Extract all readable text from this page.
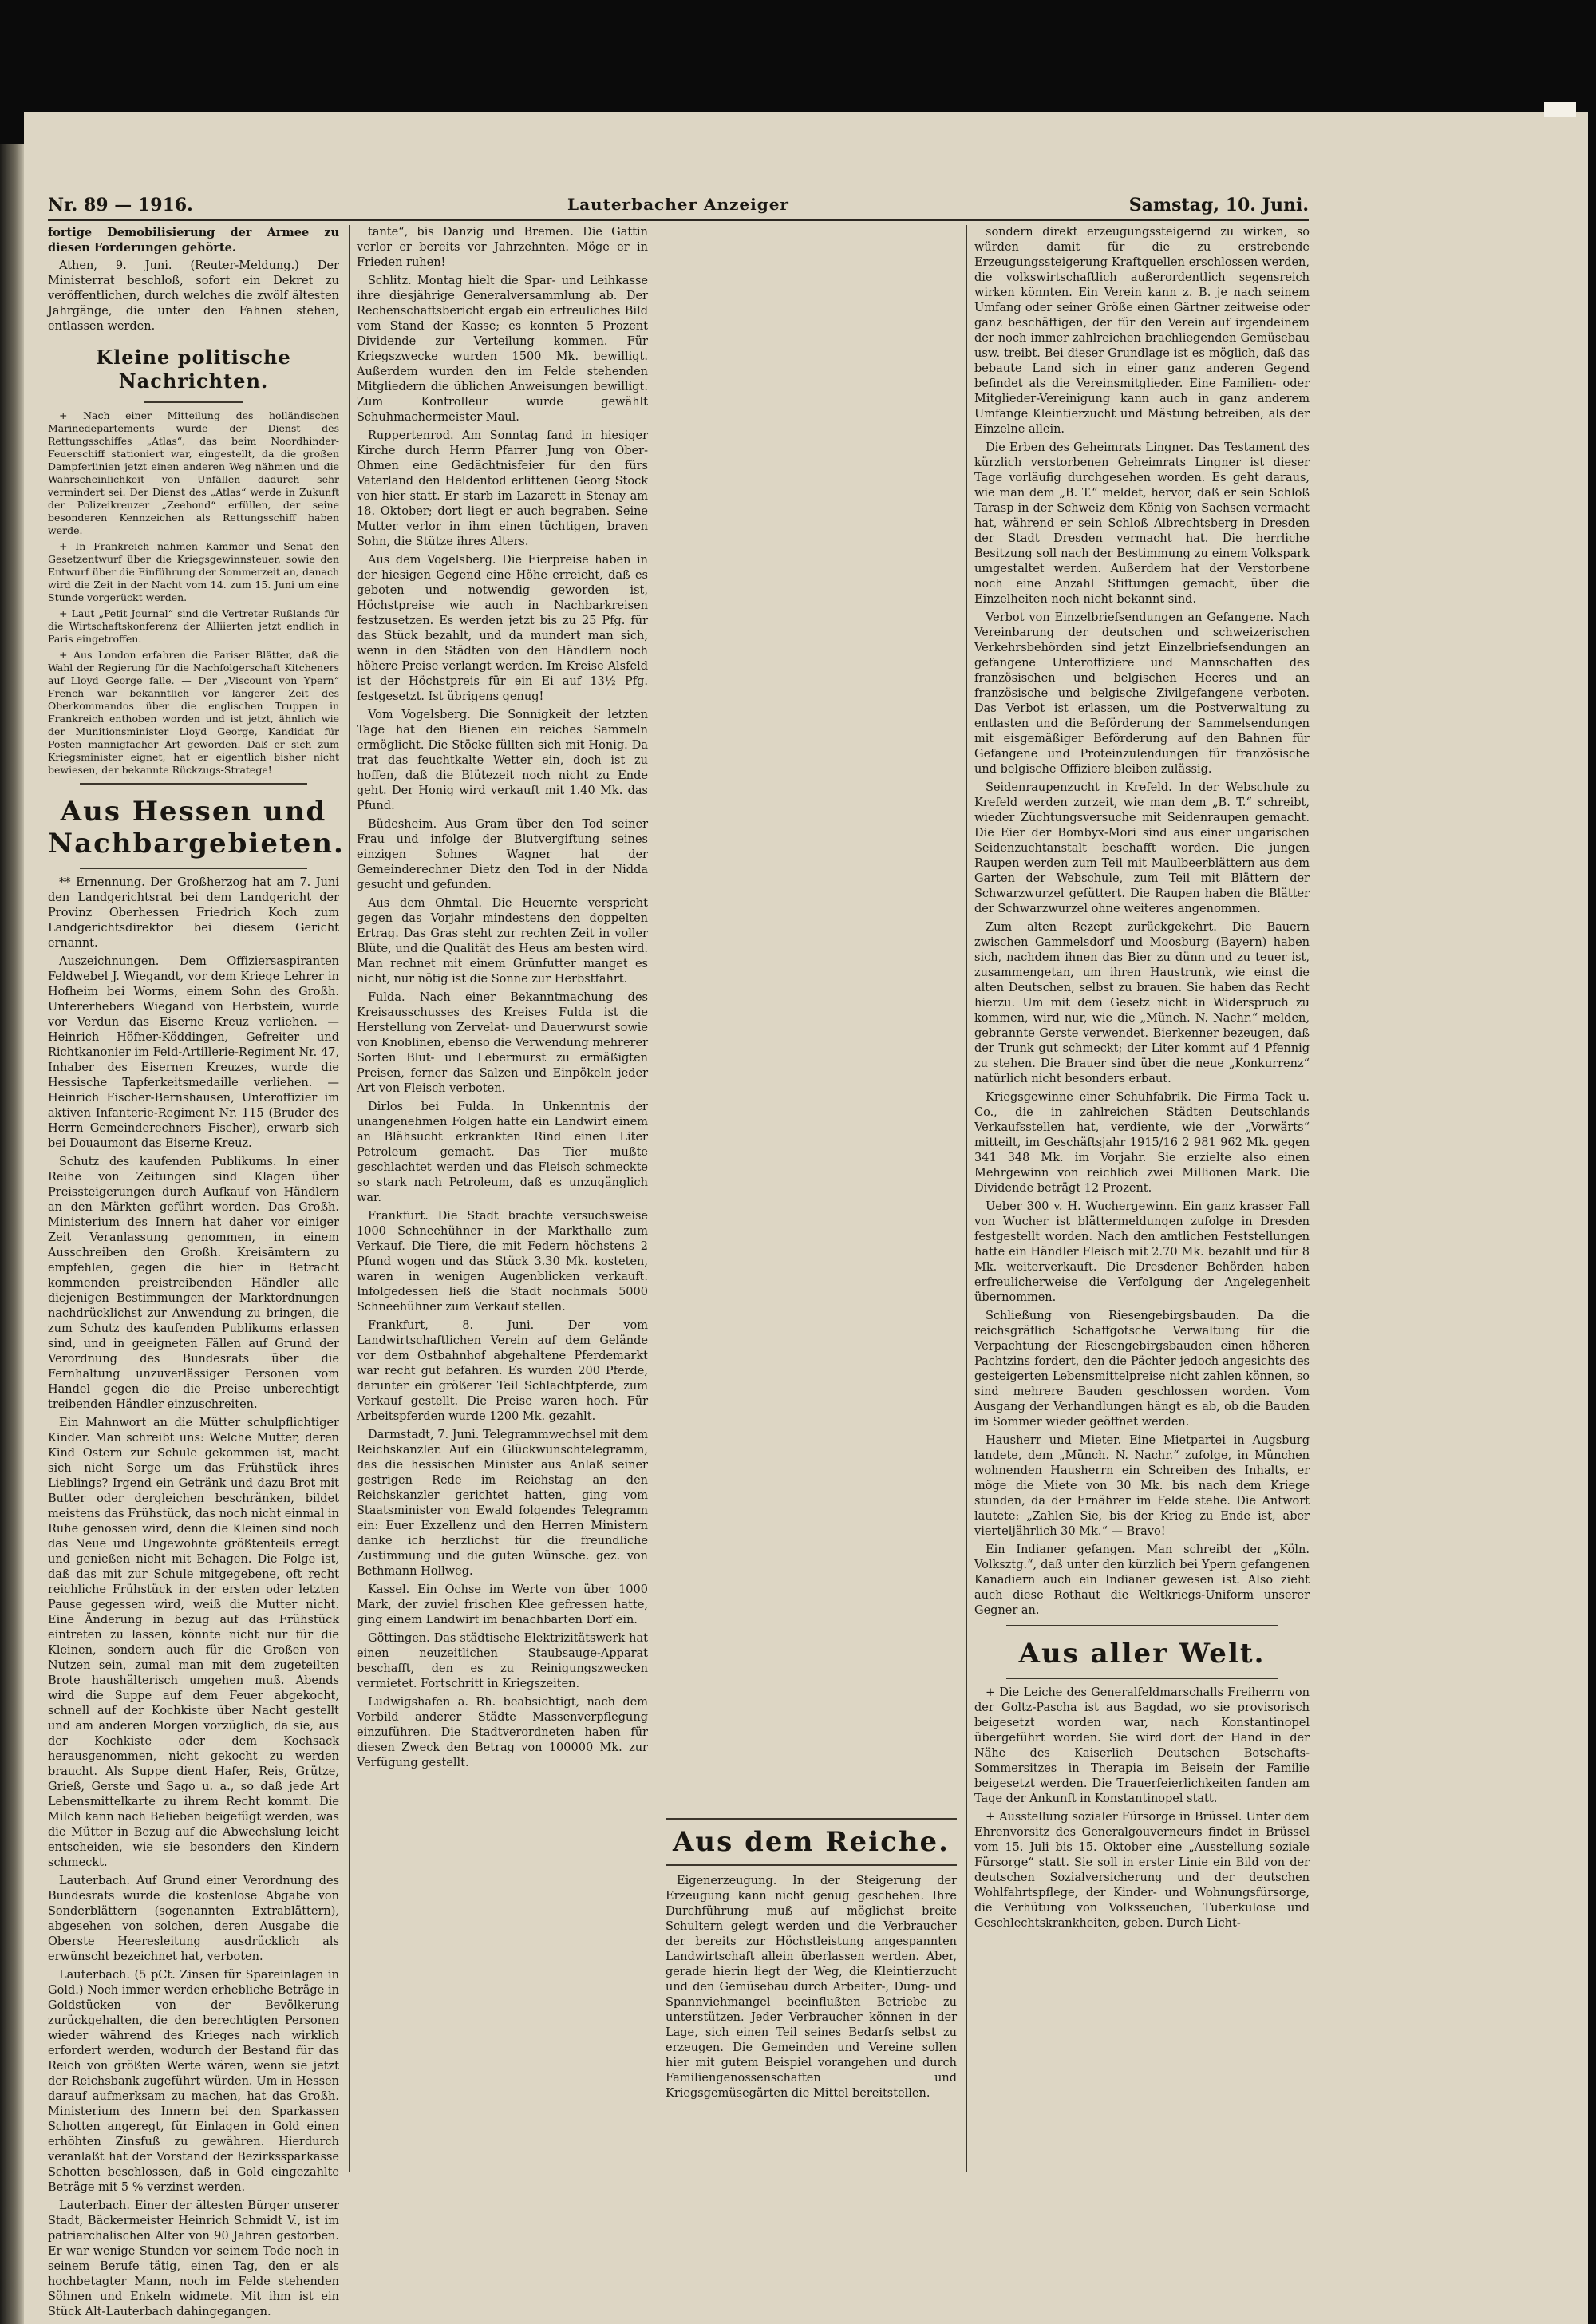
Nr. 89 — 1916.	Lauterbacher Anzeiger	Samstag, 10. Juni.

fortige Demobilisierung der Armee zu diesen Forderungen gehörte.

Athen, 9. Juni. (Reuter-Meldung.) Der Ministerrat beschloß, sofort ein Dekret zu veröffentlichen, durch welches die zwölf ältesten Jahrgänge, die unter den Fahnen stehen, entlassen werden.

Kleine politische Nachrichten.

+ Nach einer Mitteilung des holländischen Marinedepartements wurde der Dienst des Rettungsschiffes „Atlas“, das beim Noordhinder-Feuerschiff stationiert war, eingestellt, da die großen Dampferlinien jetzt einen anderen Weg nähmen und die Wahrscheinlichkeit von Unfällen dadurch sehr vermindert sei. Der Dienst des „Atlas“ werde in Zukunft der Polizeikreuzer „Zeehond“ erfüllen, der seine besonderen Kennzeichen als Rettungsschiff haben werde.

+ In Frankreich nahmen Kammer und Senat den Gesetzentwurf über die Kriegsgewinnsteuer, sowie den Entwurf über die Einführung der Sommerzeit an, danach wird die Zeit in der Nacht vom 14. zum 15. Juni um eine Stunde vorgerückt werden.

+ Laut „Petit Journal“ sind die Vertreter Rußlands für die Wirtschaftskonferenz der Alliierten jetzt endlich in Paris eingetroffen.

+ Aus London erfahren die Pariser Blätter, daß die Wahl der Regierung für die Nachfolgerschaft Kitcheners auf Lloyd George falle. — Der „Viscount von Ypern“ French war bekanntlich vor längerer Zeit des Oberkommandos über die englischen Truppen in Frankreich enthoben worden und ist jetzt, ähnlich wie der Munitionsminister Lloyd George, Kandidat für Posten mannigfacher Art geworden. Daß er sich zum Kriegsminister eignet, hat er eigentlich bisher nicht bewiesen, der bekannte Rückzugs-Stratege!

Aus Hessen und Nachbargebieten.

** Ernennung. Der Großherzog hat am 7. Juni den Landgerichtsrat bei dem Landgericht der Provinz Oberhessen Friedrich Koch zum Landgerichtsdirektor bei diesem Gericht ernannt.

Auszeichnungen. Dem Offiziersaspiranten Feldwebel J. Wiegandt, vor dem Kriege Lehrer in Hofheim bei Worms, einem Sohn des Großh. Untererhebers Wiegand von Herbstein, wurde vor Verdun das Eiserne Kreuz verliehen. — Heinrich Höfner-Köddingen, Gefreiter und Richtkanonier im Feld-Artillerie-Regiment Nr. 47, Inhaber des Eisernen Kreuzes, wurde die Hessische Tapferkeitsmedaille verliehen. — Heinrich Fischer-Bernshausen, Unteroffizier im aktiven Infanterie-Regiment Nr. 115 (Bruder des Herrn Gemeinderechners Fischer), erwarb sich bei Douaumont das Eiserne Kreuz.

Schutz des kaufenden Publikums. In einer Reihe von Zeitungen sind Klagen über Preissteigerungen durch Aufkauf von Händlern an den Märkten geführt worden. Das Großh. Ministerium des Innern hat daher vor einiger Zeit Veranlassung genommen, in einem Ausschreiben den Großh. Kreisämtern zu empfehlen, gegen die hier in Betracht kommenden preistreibenden Händler alle diejenigen Bestimmungen der Marktordnungen nachdrücklichst zur Anwendung zu bringen, die zum Schutz des kaufenden Publikums erlassen sind, und in geeigneten Fällen auf Grund der Verordnung des Bundesrats über die Fernhaltung unzuverlässiger Personen vom Handel gegen die die Preise unberechtigt treibenden Händler einzuschreiten.

Ein Mahnwort an die Mütter schulpflichtiger Kinder. Man schreibt uns: Welche Mutter, deren Kind Ostern zur Schule gekommen ist, macht sich nicht Sorge um das Frühstück ihres Lieblings? Irgend ein Getränk und dazu Brot mit Butter oder dergleichen beschränken, bildet meistens das Frühstück, das noch nicht einmal in Ruhe genossen wird, denn die Kleinen sind noch das Neue und Ungewohnte größtenteils erregt und genießen nicht mit Behagen. Die Folge ist, daß das mit zur Schule mitgegebene, oft recht reichliche Frühstück in der ersten oder letzten Pause gegessen wird, weiß die Mutter nicht. Eine Änderung in bezug auf das Frühstück eintreten zu lassen, könnte nicht nur für die Kleinen, sondern auch für die Großen von Nutzen sein, zumal man mit dem zugeteilten Brote haushälterisch umgehen muß. Abends wird die Suppe auf dem Feuer abgekocht, schnell auf der Kochkiste über Nacht gestellt und am anderen Morgen vorzüglich, da sie, aus der Kochkiste oder dem Kochsack herausgenommen, nicht gekocht zu werden braucht. Als Suppe dient Hafer, Reis, Grütze, Grieß, Gerste und Sago u. a., so daß jede Art Lebensmittelkarte zu ihrem Recht kommt. Die Milch kann nach Belieben beigefügt werden, was die Mütter in Bezug auf die Abwechslung leicht entscheiden, wie sie besonders den Kindern schmeckt.

Lauterbach. Auf Grund einer Verordnung des Bundesrats wurde die kostenlose Abgabe von Sonderblättern (sogenannten Extrablättern), abgesehen von solchen, deren Ausgabe die Oberste Heeresleitung ausdrücklich als erwünscht bezeichnet hat, verboten.

Lauterbach. (5 pCt. Zinsen für Spareinlagen in Gold.) Noch immer werden erhebliche Beträge in Goldstücken von der Bevölkerung zurückgehalten, die den berechtigten Personen wieder während des Krieges nach wirklich erfordert werden, wodurch der Bestand für das Reich von größten Werte wären, wenn sie jetzt der Reichsbank zugeführt würden. Um in Hessen darauf aufmerksam zu machen, hat das Großh. Ministerium des Innern bei den Sparkassen Schotten angeregt, für Einlagen in Gold einen erhöhten Zinsfuß zu gewähren. Hierdurch veranlaßt hat der Vorstand der Bezirkssparkasse Schotten beschlossen, daß in Gold eingezahlte Beträge mit 5 % verzinst werden.

Lauterbach. Einer der ältesten Bürger unserer Stadt, Bäckermeister Heinrich Schmidt V., ist im patriarchalischen Alter von 90 Jahren gestorben. Er war wenige Stunden vor seinem Tode noch in seinem Berufe tätig, einen Tag, den er als hochbetagter Mann, noch im Felde stehenden Söhnen und Enkeln widmete. Mit ihm ist ein Stück Alt-Lauterbach dahingegangen.

tante“, bis Danzig und Bremen. Die Gattin verlor er bereits vor Jahrzehnten. Möge er in Frieden ruhen!

Schlitz. Montag hielt die Spar- und Leihkasse ihre diesjährige Generalversammlung ab. Der Rechenschaftsbericht ergab ein erfreuliches Bild vom Stand der Kasse; es konnten 5 Prozent Dividende zur Verteilung kommen. Für Kriegszwecke wurden 1500 Mk. bewilligt. Außerdem wurden den im Felde stehenden Mitgliedern die üblichen Anweisungen bewilligt. Zum Kontrolleur wurde gewählt Schuhmachermeister Maul.

Ruppertenrod. Am Sonntag fand in hiesiger Kirche durch Herrn Pfarrer Jung von Ober-Ohmen eine Gedächtnisfeier für den fürs Vaterland den Heldentod erlittenen Georg Stock von hier statt. Er starb im Lazarett in Stenay am 18. Oktober; dort liegt er auch begraben. Seine Mutter verlor in ihm einen tüchtigen, braven Sohn, die Stütze ihres Alters.

Aus dem Vogelsberg. Die Eierpreise haben in der hiesigen Gegend eine Höhe erreicht, daß es geboten und notwendig geworden ist, Höchstpreise wie auch in Nachbarkreisen festzusetzen. Es werden jetzt bis zu 25 Pfg. für das Stück bezahlt, und da mundert man sich, wenn in den Städten von den Händlern noch höhere Preise verlangt werden. Im Kreise Alsfeld ist der Höchstpreis für ein Ei auf 13½ Pfg. festgesetzt. Ist übrigens genug!

Vom Vogelsberg. Die Sonnigkeit der letzten Tage hat den Bienen ein reiches Sammeln ermöglicht. Die Stöcke füllten sich mit Honig. Da trat das feuchtkalte Wetter ein, doch ist zu hoffen, daß die Blütezeit noch nicht zu Ende geht. Der Honig wird verkauft mit 1.40 Mk. das Pfund.

Büdesheim. Aus Gram über den Tod seiner Frau und infolge der Blutvergiftung seines einzigen Sohnes Wagner hat der Gemeinderechner Dietz den Tod in der Nidda gesucht und gefunden.

Aus dem Ohmtal. Die Heuernte verspricht gegen das Vorjahr mindestens den doppelten Ertrag. Das Gras steht zur rechten Zeit in voller Blüte, und die Qualität des Heus am besten wird. Man rechnet mit einem Grünfutter manget es nicht, nur nötig ist die Sonne zur Herbstfahrt.

Fulda. Nach einer Bekanntmachung des Kreisausschusses des Kreises Fulda ist die Herstellung von Zervelat- und Dauerwurst sowie von Knoblinen, ebenso die Verwendung mehrerer Sorten Blut- und Lebermurst zu ermäßigten Preisen, ferner das Salzen und Einpökeln jeder Art von Fleisch verboten.

Dirlos bei Fulda. In Unkenntnis der unangenehmen Folgen hatte ein Landwirt einem an Blähsucht erkrankten Rind einen Liter Petroleum gemacht. Das Tier mußte geschlachtet werden und das Fleisch schmeckte so stark nach Petroleum, daß es unzugänglich war.

Frankfurt. Die Stadt brachte versuchsweise 1000 Schneehühner in der Markthalle zum Verkauf. Die Tiere, die mit Federn höchstens 2 Pfund wogen und das Stück 3.30 Mk. kosteten, waren in wenigen Augenblicken verkauft. Infolgedessen ließ die Stadt nochmals 5000 Schneehühner zum Verkauf stellen.

Frankfurt, 8. Juni. Der vom Landwirtschaftlichen Verein auf dem Gelände vor dem Ostbahnhof abgehaltene Pferdemarkt war recht gut befahren. Es wurden 200 Pferde, darunter ein größerer Teil Schlachtpferde, zum Verkauf gestellt. Die Preise waren hoch. Für Arbeitspferden wurde 1200 Mk. gezahlt.

Darmstadt, 7. Juni. Telegrammwechsel mit dem Reichskanzler. Auf ein Glückwunschtelegramm, das die hessischen Minister aus Anlaß seiner gestrigen Rede im Reichstag an den Reichskanzler gerichtet hatten, ging vom Staatsminister von Ewald folgendes Telegramm ein: Euer Exzellenz und den Herren Ministern danke ich herzlichst für die freundliche Zustimmung und die guten Wünsche. gez. von Bethmann Hollweg.

Kassel. Ein Ochse im Werte von über 1000 Mark, der zuviel frischen Klee gefressen hatte, ging einem Landwirt im benachbarten Dorf ein.

Göttingen. Das städtische Elektrizitätswerk hat einen neuzeitlichen Staubsauge-Apparat beschafft, den es zu Reinigungszwecken vermietet. Fortschritt in Kriegszeiten.

Ludwigshafen a. Rh. beabsichtigt, nach dem Vorbild anderer Städte Massenverpflegung einzuführen. Die Stadtverordneten haben für diesen Zweck den Betrag von 100000 Mk. zur Verfügung gestellt.

Aus dem Reiche.

Eigenerzeugung. In der Steigerung der Erzeugung kann nicht genug geschehen. Ihre Durchführung muß auf möglichst breite Schultern gelegt werden und die Verbraucher der bereits zur Höchstleistung angespannten Landwirtschaft allein überlassen werden. Aber, gerade hierin liegt der Weg, die Kleintierzucht und den Gemüsebau durch Arbeiter-, Dung- und Spannviehmangel beeinflußten Betriebe zu unterstützen. Jeder Verbraucher können in der Lage, sich einen Teil seines Bedarfs selbst zu erzeugen. Die Gemeinden und Vereine sollen hier mit gutem Beispiel vorangehen und durch Familiengenossenschaften und Kriegsgemüsegärten die Mittel bereitstellen.

sondern direkt erzeugungssteigernd zu wirken, so würden damit für die zu erstrebende Erzeugungssteigerung Kraftquellen erschlossen werden, die volkswirtschaftlich außerordentlich segensreich wirken könnten. Ein Verein kann z. B. je nach seinem Umfang oder seiner Größe einen Gärtner zeitweise oder ganz beschäftigen, der für den Verein auf irgendeinem der noch immer zahlreichen brachliegenden Gemüsebau usw. treibt. Bei dieser Grundlage ist es möglich, daß das bebaute Land sich in einer ganz anderen Gegend befindet als die Vereinsmitglieder. Eine Familien- oder Mitglieder-Vereinigung kann auch in ganz anderem Umfange Kleintierzucht und Mästung betreiben, als der Einzelne allein.

Die Erben des Geheimrats Lingner. Das Testament des kürzlich verstorbenen Geheimrats Lingner ist dieser Tage vorläufig durchgesehen worden. Es geht daraus, wie man dem „B. T.“ meldet, hervor, daß er sein Schloß Tarasp in der Schweiz dem König von Sachsen vermacht hat, während er sein Schloß Albrechtsberg in Dresden der Stadt Dresden vermacht hat. Die herrliche Besitzung soll nach der Bestimmung zu einem Volkspark umgestaltet werden. Außerdem hat der Verstorbene noch eine Anzahl Stiftungen gemacht, über die Einzelheiten noch nicht bekannt sind.

Verbot von Einzelbriefsendungen an Gefangene. Nach Vereinbarung der deutschen und schweizerischen Verkehrsbehörden sind jetzt Einzelbriefsendungen an gefangene Unteroffiziere und Mannschaften des französischen und belgischen Heeres und an französische und belgische Zivilgefangene verboten. Das Verbot ist erlassen, um die Postverwaltung zu entlasten und die Beförderung der Sammelsendungen mit eisgemäßiger Beförderung auf den Bahnen für Gefangene und Proteinzulendungen für französische und belgische Offiziere bleiben zulässig.

Seidenraupenzucht in Krefeld. In der Webschule zu Krefeld werden zurzeit, wie man dem „B. T.“ schreibt, wieder Züchtungsversuche mit Seidenraupen gemacht. Die Eier der Bombyx-Mori sind aus einer ungarischen Seidenzuchtanstalt beschafft worden. Die jungen Raupen werden zum Teil mit Maulbeerblättern aus dem Garten der Webschule, zum Teil mit Blättern der Schwarzwurzel gefüttert. Die Raupen haben die Blätter der Schwarzwurzel ohne weiteres angenommen.

Zum alten Rezept zurückgekehrt. Die Bauern zwischen Gammelsdorf und Moosburg (Bayern) haben sich, nachdem ihnen das Bier zu dünn und zu teuer ist, zusammengetan, um ihren Haustrunk, wie einst die alten Deutschen, selbst zu brauen. Sie haben das Recht hierzu. Um mit dem Gesetz nicht in Widerspruch zu kommen, wird nur, wie die „Münch. N. Nachr.“ melden, gebrannte Gerste verwendet. Bierkenner bezeugen, daß der Trunk gut schmeckt; der Liter kommt auf 4 Pfennig zu stehen. Die Brauer sind über die neue „Konkurrenz“ natürlich nicht besonders erbaut.

Kriegsgewinne einer Schuhfabrik. Die Firma Tack u. Co., die in zahlreichen Städten Deutschlands Verkaufsstellen hat, verdiente, wie der „Vorwärts“ mitteilt, im Geschäftsjahr 1915/16 2 981 962 Mk. gegen 341 348 Mk. im Vorjahr. Sie erzielte also einen Mehrgewinn von reichlich zwei Millionen Mark. Die Dividende beträgt 12 Prozent.

Ueber 300 v. H. Wuchergewinn. Ein ganz krasser Fall von Wucher ist blättermeldungen zufolge in Dresden festgestellt worden. Nach den amtlichen Feststellungen hatte ein Händler Fleisch mit 2.70 Mk. bezahlt und für 8 Mk. weiterverkauft. Die Dresdener Behörden haben erfreulicherweise die Verfolgung der Angelegenheit übernommen.

Schließung von Riesengebirgsbauden. Da die reichsgräflich Schaffgotsche Verwaltung für die Verpachtung der Riesengebirgsbauden einen höheren Pachtzins fordert, den die Pächter jedoch angesichts des gesteigerten Lebensmittelpreise nicht zahlen können, so sind mehrere Bauden geschlossen worden. Vom Ausgang der Verhandlungen hängt es ab, ob die Bauden im Sommer wieder geöffnet werden.

Hausherr und Mieter. Eine Mietpartei in Augsburg landete, dem „Münch. N. Nachr.“ zufolge, in München wohnenden Hausherrn ein Schreiben des Inhalts, er möge die Miete von 30 Mk. bis nach dem Kriege stunden, da der Ernährer im Felde stehe. Die Antwort lautete: „Zahlen Sie, bis der Krieg zu Ende ist, aber vierteljährlich 30 Mk.“ — Bravo!

Ein Indianer gefangen. Man schreibt der „Köln. Volksztg.“, daß unter den kürzlich bei Ypern gefangenen Kanadiern auch ein Indianer gewesen ist. Also zieht auch diese Rothaut die Weltkriegs-Uniform unserer Gegner an.

Aus aller Welt.

+ Die Leiche des Generalfeldmarschalls Freiherrn von der Goltz-Pascha ist aus Bagdad, wo sie provisorisch beigesetzt worden war, nach Konstantinopel übergeführt worden. Sie wird dort der Hand in der Nähe des Kaiserlich Deutschen Botschafts-Sommersitzes in Therapia im Beisein der Familie beigesetzt werden. Die Trauerfeierlichkeiten fanden am Tage der Ankunft in Konstantinopel statt.

+ Ausstellung sozialer Fürsorge in Brüssel. Unter dem Ehrenvorsitz des Generalgouverneurs findet in Brüssel vom 15. Juli bis 15. Oktober eine „Ausstellung soziale Fürsorge“ statt. Sie soll in erster Linie ein Bild von der deutschen Sozialversicherung und der deutschen Wohlfahrtspflege, der Kinder- und Wohnungsfürsorge, die Verhütung von Volksseuchen, Tuberkulose und Geschlechtskrankheiten, geben. Durch Licht-
